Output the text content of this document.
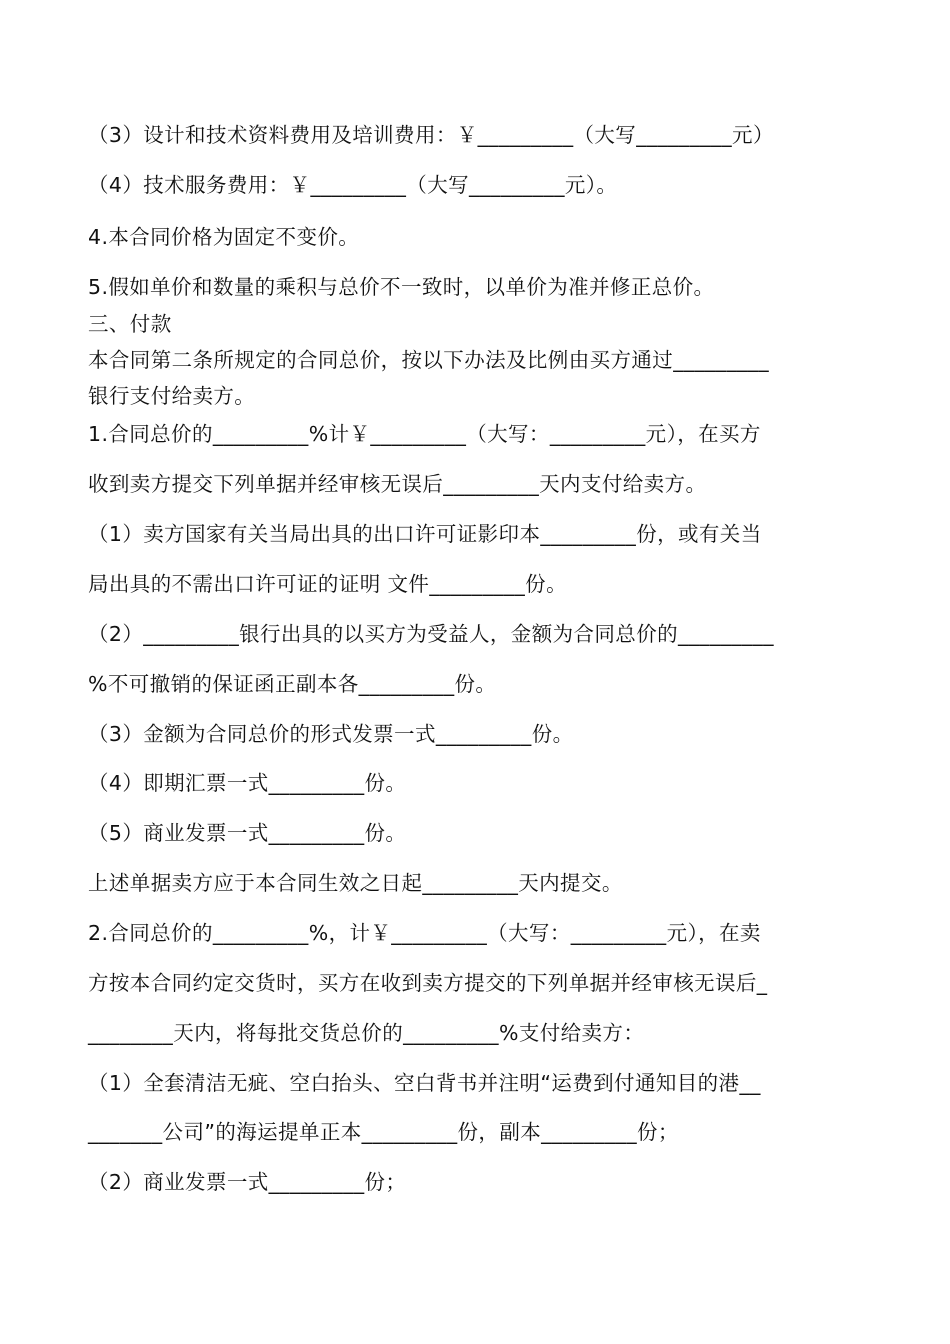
（3）设计和技术资料费用及培训费用：￥_________（大写_________元）
（4）技术服务费用：￥_________（大写_________元）。
4.本合同价格为固定不变价。
5.假如单价和数量的乘积与总价不一致时，以单价为准并修正总价。
三、付款
本合同第二条所规定的合同总价，按以下办法及比例由买方通过_________
银行支付给卖方。
1.合同总价的_________%计￥_________（大写：_________元），在买方
收到卖方提交下列单据并经审核无误后_________天内支付给卖方。
（1）卖方国家有关当局出具的出口许可证影印本_________份，或有关当
局出具的不需出口许可证的证明 文件_________份。
（2）_________银行出具的以买方为受益人，金额为合同总价的_________
%不可撤销的保证函正副本各_________份。
（3）金额为合同总价的形式发票一式_________份。
（4）即期汇票一式_________份。
（5）商业发票一式_________份。
上述单据卖方应于本合同生效之日起_________天内提交。
2.合同总价的_________%，计￥_________（大写：_________元），在卖
方按本合同约定交货时，买方在收到卖方提交的下列单据并经审核无误后_
________天内，将每批交货总价的_________%支付给卖方：
（1）全套清洁无疵、空白抬头、空白背书并注明“运费到付通知目的港__
_______公司”的海运提单正本_________份，副本_________份；
（2）商业发票一式_________份；
